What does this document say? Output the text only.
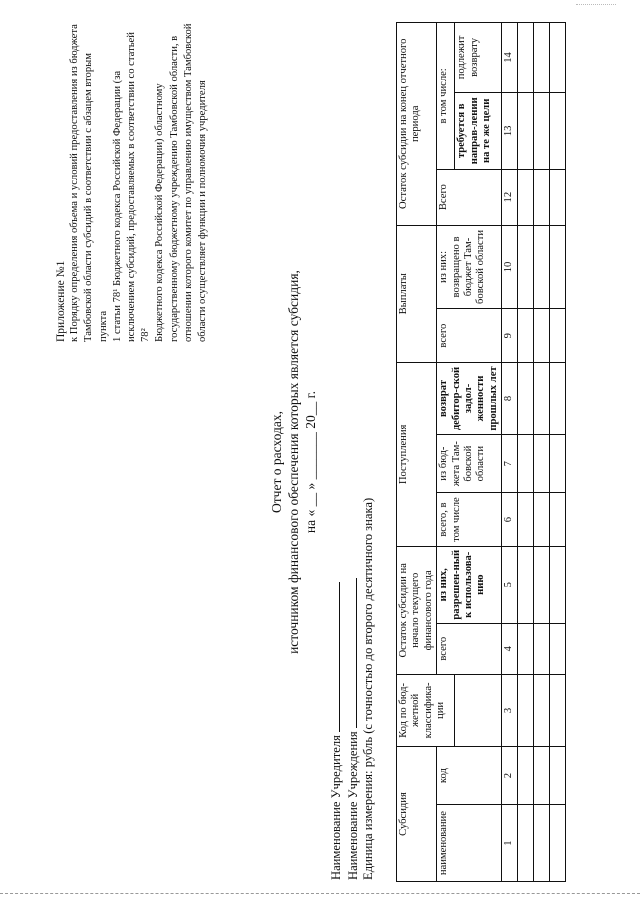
Приложение №1 к Порядку определения объема и условий предоставления из бюджета Тамбовской области субсидий в соответствии с абзацем вторым пункта 1 статьи 78¹ Бюджетного кодекса Российской Федерации (за исключением субсидий, предоставляемых в соответствии со статьей 78² Бюджетного кодекса Российской Федерации) областному государственному бюджетному учреждению Тамбовской области, в отношении которого комитет по управлению имуществом Тамбовской области осуществляет функции и полномочия учредителя
Отчет о расходах, источником финансового обеспечения которых является субсидия, на « __ » _______ 20__ г.
Наименование Учредителя Наименование Учреждения Единица измерения: рубль (с точностью до второго десятичного знака) Субсидия		Код по бюд-жетной классифика-ции	Остаток субсидии на начало текущего финансового года		Поступления			Выплаты		Остаток субсидии на конец отчетного периода		
наименование	код		всего	из них, разрешен-ный к использова-нию	всего, в том числе	из бюд-жета Там-бовской области	возврат дебитор-ской задол-женности прошлых лет	всего	из них: возвращено в бюджет Там-бовской области	Всего	в том числе:	
											требуется в направ-лении на те же цели	подлежит возврату
1	2	3	4	5	6	7	8	9	10	12	13	14
